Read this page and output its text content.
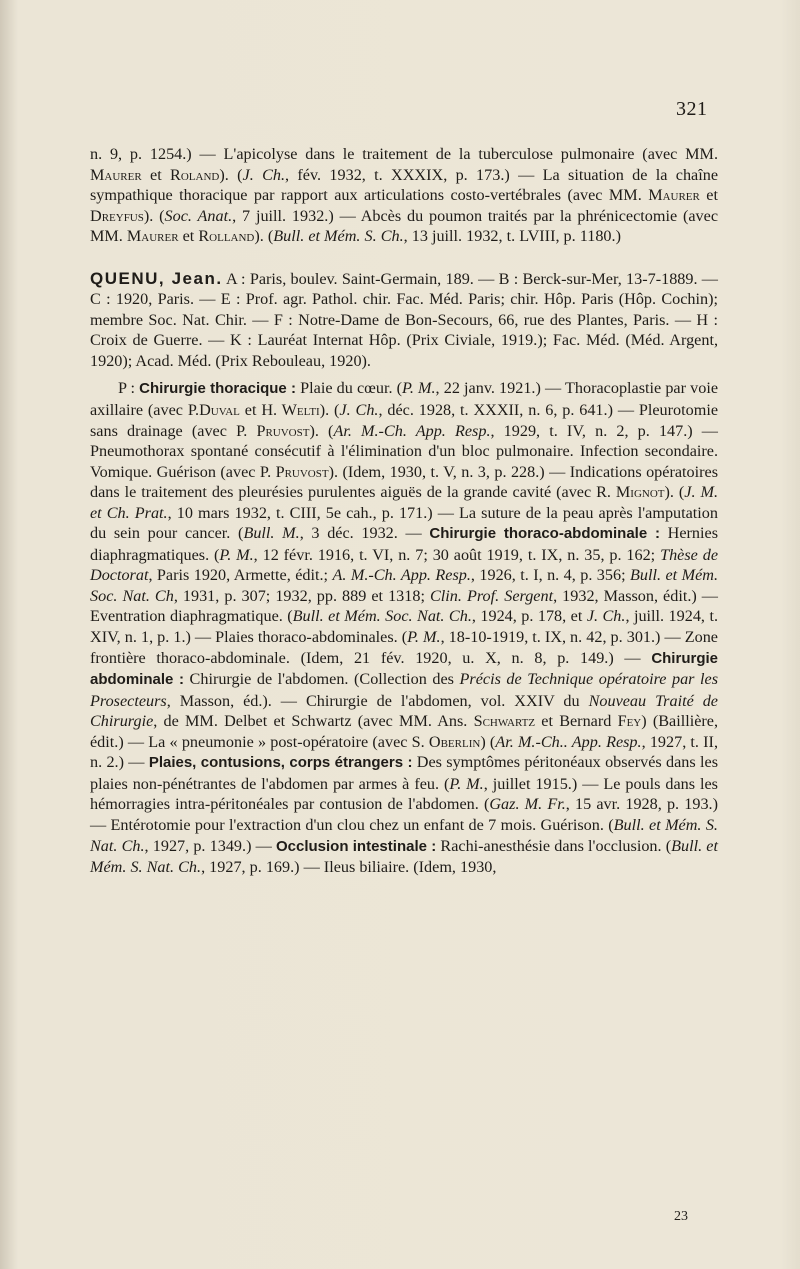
321

n. 9, p. 1254.) — L'apicolyse dans le traitement de la tuberculose pulmonaire (avec MM. Maurer et Roland). (J. Ch., fév. 1932, t. XXXIX, p. 173.) — La situation de la chaîne sympathique thoracique par rapport aux articulations costo-vertébrales (avec MM. Maurer et Dreyfus). (Soc. Anat., 7 juill. 1932.) — Abcès du poumon traités par la phrénicectomie (avec MM. Maurer et Rolland). (Bull. et Mém. S. Ch., 13 juill. 1932, t. LVIII, p. 1180.)

QUENU, Jean. A : Paris, boulev. Saint-Germain, 189. — B : Berck-sur-Mer, 13-7-1889. — C : 1920, Paris. — E : Prof. agr. Pathol. chir. Fac. Méd. Paris; chir. Hôp. Paris (Hôp. Cochin); membre Soc. Nat. Chir. — F : Notre-Dame de Bon-Secours, 66, rue des Plantes, Paris. — H : Croix de Guerre. — K : Lauréat Internat Hôp. (Prix Civiale, 1919.); Fac. Méd. (Méd. Argent, 1920); Acad. Méd. (Prix Rebouleau, 1920).

P : Chirurgie thoracique : Plaie du cœur. (P. M., 22 janv. 1921.) — Thoracoplastie par voie axillaire (avec P.Duval et H. Welti). (J. Ch., déc. 1928, t. XXXII, n. 6, p. 641.) — Pleurotomie sans drainage (avec P. Pruvost). (Ar. M.-Ch. App. Resp., 1929, t. IV, n. 2, p. 147.) — Pneumothorax spontané consécutif à l'élimination d'un bloc pulmonaire. Infection secondaire. Vomique. Guérison (avec P. Pruvost). (Idem, 1930, t. V, n. 3, p. 228.) — Indications opératoires dans le traitement des pleurésies purulentes aiguës de la grande cavité (avec R. Mignot). (J. M. et Ch. Prat., 10 mars 1932, t. CIII, 5e cah., p. 171.) — La suture de la peau après l'amputation du sein pour cancer. (Bull. M., 3 déc. 1932. — Chirurgie thoraco-abdominale : Hernies diaphragmatiques. (P. M., 12 févr. 1916, t. VI, n. 7; 30 août 1919, t. IX, n. 35, p. 162; Thèse de Doctorat, Paris 1920, Armette, édit.; A. M.-Ch. App. Resp., 1926, t. I, n. 4, p. 356; Bull. et Mém. Soc. Nat. Ch, 1931, p. 307; 1932, pp. 889 et 1318; Clin. Prof. Sergent, 1932, Masson, édit.) — Eventration diaphragmatique. (Bull. et Mém. Soc. Nat. Ch., 1924, p. 178, et J. Ch., juill. 1924, t. XIV, n. 1, p. 1.) — Plaies thoraco-abdominales. (P. M., 18-10-1919, t. IX, n. 42, p. 301.) — Zone frontière thoraco-abdominale. (Idem, 21 fév. 1920, u. X, n. 8, p. 149.) — Chirurgie abdominale : Chirurgie de l'abdomen. (Collection des Précis de Technique opératoire par les Prosecteurs, Masson, éd.). — Chirurgie de l'abdomen, vol. XXIV du Nouveau Traité de Chirurgie, de MM. Delbet et Schwartz (avec MM. Ans. Schwartz et Bernard Fey) (Baillière, édit.) — La « pneumonie » post-opératoire (avec S. Oberlin) (Ar. M.-Ch.. App. Resp., 1927, t. II, n. 2.) — Plaies, contusions, corps étrangers : Des symptômes péritonéaux observés dans les plaies non-pénétrantes de l'abdomen par armes à feu. (P. M., juillet 1915.) — Le pouls dans les hémorragies intra-péritonéales par contusion de l'abdomen. (Gaz. M. Fr., 15 avr. 1928, p. 193.) — Entérotomie pour l'extraction d'un clou chez un enfant de 7 mois. Guérison. (Bull. et Mém. S. Nat. Ch., 1927, p. 1349.) — Occlusion intestinale : Rachi-anesthésie dans l'occlusion. (Bull. et Mém. S. Nat. Ch., 1927, p. 169.) — Ileus biliaire. (Idem, 1930,

23
